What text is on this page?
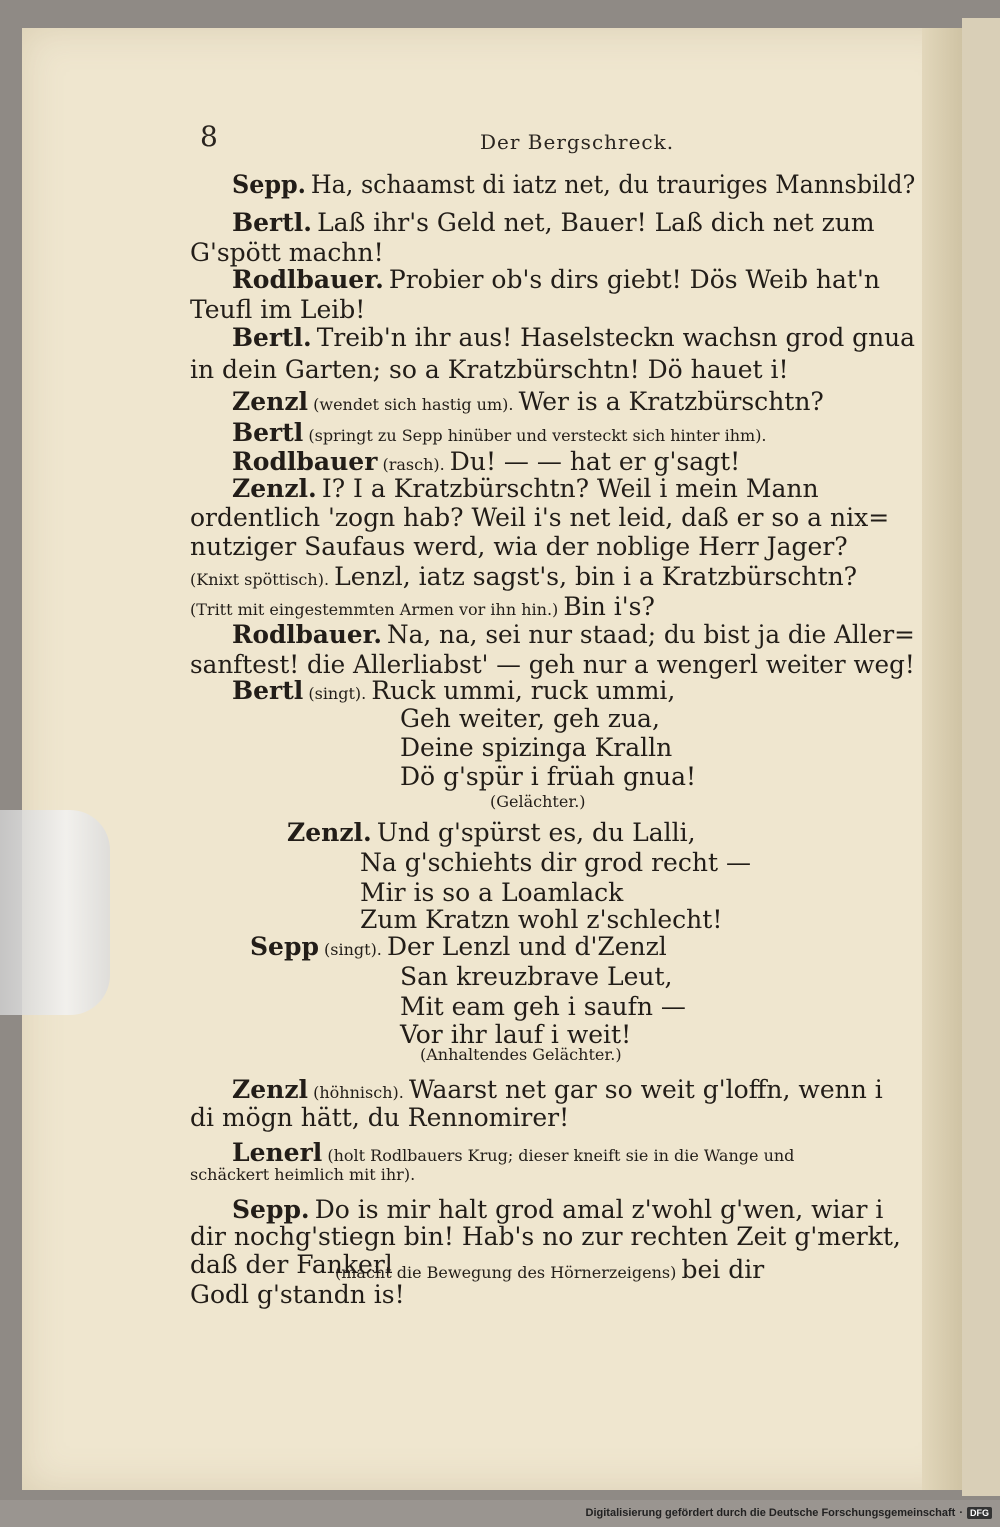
8	Der Bergschreck.
Sepp. Ha, schaamst di iatz net, du trauriges Mannsbild?
Bertl. Laß ihr's Geld net, Bauer! Laß dich net zum
G'spött machn!
Rodlbauer. Probier ob's dirs giebt! Dös Weib hat'n
Teufl im Leib!
Bertl. Treib'n ihr aus! Haselsteckn wachsn grod gnua
in dein Garten; so a Kratzbürschtn! Dö hauet i!
Zenzl (wendet sich hastig um). Wer is a Kratzbürschtn?
Bertl (springt zu Sepp hinüber und versteckt sich hinter ihm).
Rodlbauer (rasch). Du! — — hat er g'sagt!
Zenzl. I? I a Kratzbürschtn? Weil i mein Mann
ordentlich 'zogn hab? Weil i's net leid, daß er so a nix=
nutziger Saufaus werd, wia der noblige Herr Jager?
(Knixt spöttisch). Lenzl, iatz sagst's, bin i a Kratzbürschtn?
(Tritt mit eingestemmten Armen vor ihn hin.) Bin i's?
Rodlbauer. Na, na, sei nur staad; du bist ja die Aller=
sanftest! die Allerliabst' — geh nur a wengerl weiter weg!
Bertl (singt). Ruck ummi, ruck ummi,
Geh weiter, geh zua,
Deine spizinga Kralln
Dö g'spür i früah gnua!
(Gelächter.)
Zenzl. Und g'spürst es, du Lalli,
Na g'schiehts dir grod recht —
Mir is so a Loamlack
Zum Kratzn wohl z'schlecht!
Sepp (singt). Der Lenzl und d'Zenzl
San kreuzbrave Leut,
Mit eam geh i saufn —
Vor ihr lauf i weit!
(Anhaltendes Gelächter.)
Zenzl (höhnisch). Waarst net gar so weit g'loffn, wenn i
di mögn hätt, du Rennomirer!
Lenerl (holt Rodlbauers Krug; dieser kneift sie in die Wange und
schäckert heimlich mit ihr).
Sepp. Do is mir halt grod amal z'wohl g'wen, wiar i
dir nochg'stiegn bin! Hab's no zur rechten Zeit g'merkt,
daß der Fankerl
(macht die Bewegung des Hörnerzeigens) bei dir
Godl g'standn is!
Digitalisierung gefördert durch die Deutsche Forschungsgemeinschaft · DFG
